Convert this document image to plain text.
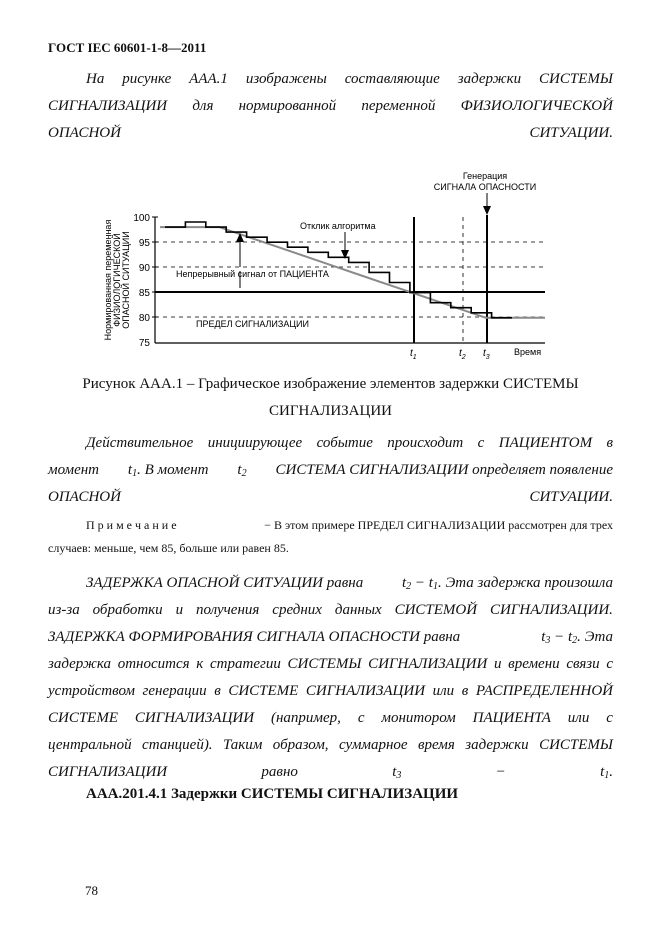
ГОСТ IEC 60601-1-8—2011
На рисунке ААА.1 изображены составляющие задержки СИСТЕМЫ
СИГНАЛИЗАЦИИ для нормированной переменной ФИЗИОЛОГИЧЕСКОЙ
ОПАСНОЙ СИТУАЦИИ.
Генерация
СИГНАЛА ОПАСНОСТИ
Нормированная переменная ФИЗИОЛОГИЧЕСКОЙ ОПАСНОЙ СИТУАЦИИ
100
95
90
85
80
75
Отклик алгоритма
Непрерывный сигнал от ПАЦИЕНТА
ПРЕДЕЛ СИГНАЛИЗАЦИИ
$t_1$	$t_2$ $t_3$
Время
Рисунок ААА.1 – Графическое изображение элементов задержки СИСТЕМЫ
СИГНАЛИЗАЦИИ
Действительное инициирующее событие происходит с ПАЦИЕНТОМ в
момент $t_1$. В момент $t_2$ СИСТЕМА СИГНАЛИЗАЦИИ определяет появление
ОПАСНОЙ СИТУАЦИИ.
П р и м е ч а н и е	− В этом примере ПРЕДЕЛ СИГНАЛИЗАЦИИ рассмотрен для трех
случаев: меньше, чем 85, больше или равен 85.
ЗАДЕРЖКА ОПАСНОЙ СИТУАЦИИ равна	$t_2 - t_1$. Эта задержка произошла
из-за обработки и получения средних данных СИСТЕМОЙ СИГНАЛИЗАЦИИ.
ЗАДЕРЖКА ФОРМИРОВАНИЯ СИГНАЛА ОПАСНОСТИ равна	$t_3 - t_2$. Эта
задержка относится к стратегии СИСТЕМЫ СИГНАЛИЗАЦИИ и времени связи с
устройством генерации в СИСТЕМЕ СИГНАЛИЗАЦИИ или в РАСПРЕДЕЛЕННОЙ
СИСТЕМЕ СИГНАЛИЗАЦИИ (например, с монитором ПАЦИЕНТА или с
центральной станцией). Таким образом, суммарное время задержки СИСТЕМЫ
СИГНАЛИЗАЦИИ равно	$t_3$	−	$t_1$.
ААА.201.4.1 Задержки СИСТЕМЫ СИГНАЛИЗАЦИИ
78
